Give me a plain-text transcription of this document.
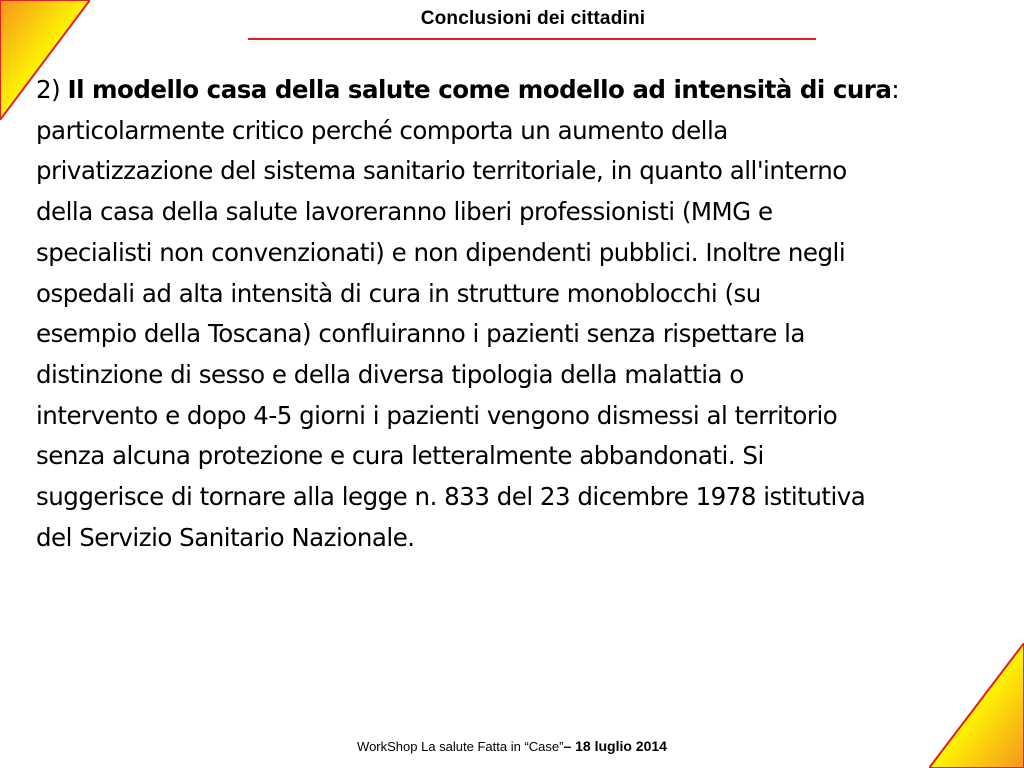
Conclusioni dei cittadini

2) Il modello casa della salute come modello ad intensità di cura:

particolarmente critico perché comporta un aumento della

privatizzazione del sistema sanitario territoriale, in quanto all'interno

della casa della salute lavoreranno liberi professionisti (MMG e

specialisti non convenzionati) e non dipendenti pubblici. Inoltre negli

ospedali ad alta intensità di cura in strutture monoblocchi (su

esempio della Toscana) confluiranno i pazienti senza rispettare la

distinzione di sesso e della diversa tipologia della malattia o

intervento e dopo 4-5 giorni i pazienti vengono dismessi al territorio

senza alcuna protezione e cura letteralmente abbandonati. Si

suggerisce di tornare alla legge n. 833 del 23 dicembre 1978 istitutiva

del Servizio Sanitario Nazionale.

WorkShop La salute Fatta in “Case”– 18 luglio 2014
